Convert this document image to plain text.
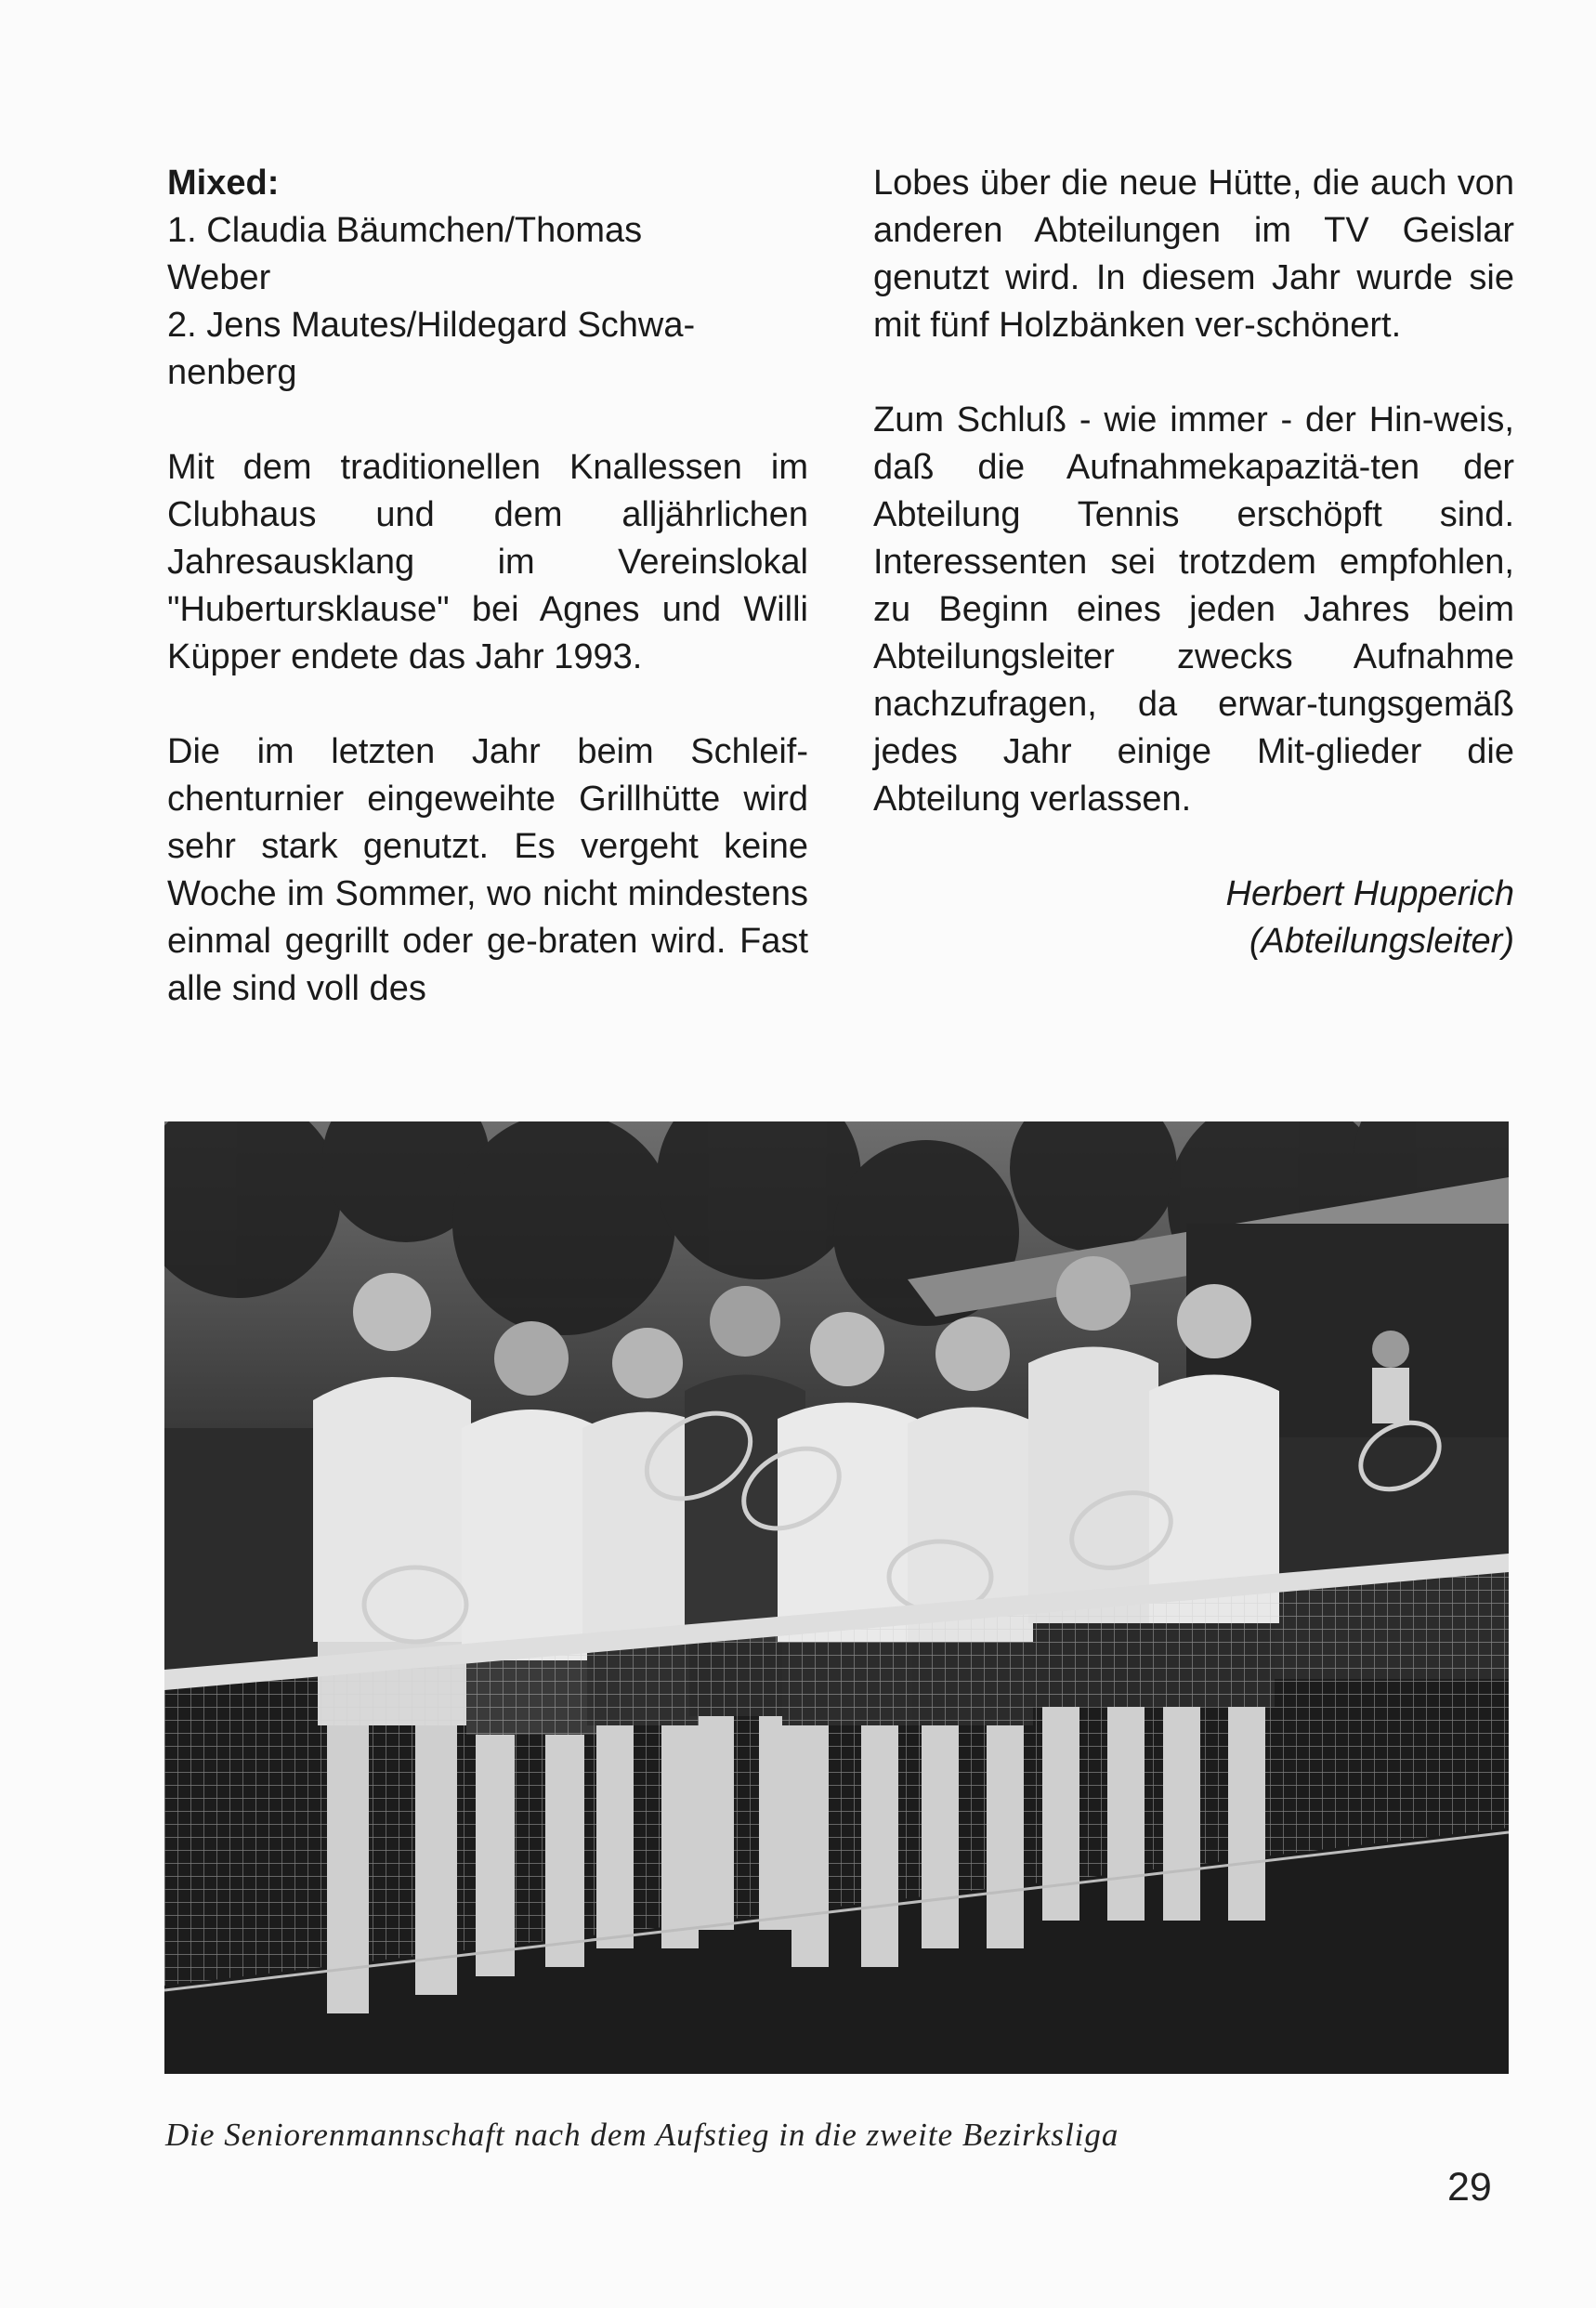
Mixed:

1. Claudia Bäumchen/Thomas

Weber

2. Jens Mautes/Hildegard Schwa-

nenberg

Mit dem traditionellen Knallessen im Clubhaus und dem alljährlichen Jahresausklang im Vereinslokal "Hubertursklause" bei Agnes und Willi Küpper endete das Jahr 1993.

Die im letzten Jahr beim Schleif-chenturnier eingeweihte Grillhütte wird sehr stark genutzt. Es vergeht keine Woche im Sommer, wo nicht mindestens einmal gegrillt oder ge-braten wird. Fast alle sind voll des

Lobes über die neue Hütte, die auch von anderen Abteilungen im TV Geislar genutzt wird. In diesem Jahr wurde sie mit fünf Holzbänken ver-schönert.

Zum Schluß - wie immer - der Hin-weis, daß die Aufnahmekapazitä-ten der Abteilung Tennis erschöpft sind. Interessenten sei trotzdem empfohlen, zu Beginn eines jeden Jahres beim Abteilungsleiter zwecks Aufnahme nachzufragen, da erwar-tungsgemäß jedes Jahr einige Mit-glieder die Abteilung verlassen.

Herbert Hupperich

(Abteilungsleiter)

Die Seniorenmannschaft nach dem Aufstieg in die zweite Bezirksliga
29
